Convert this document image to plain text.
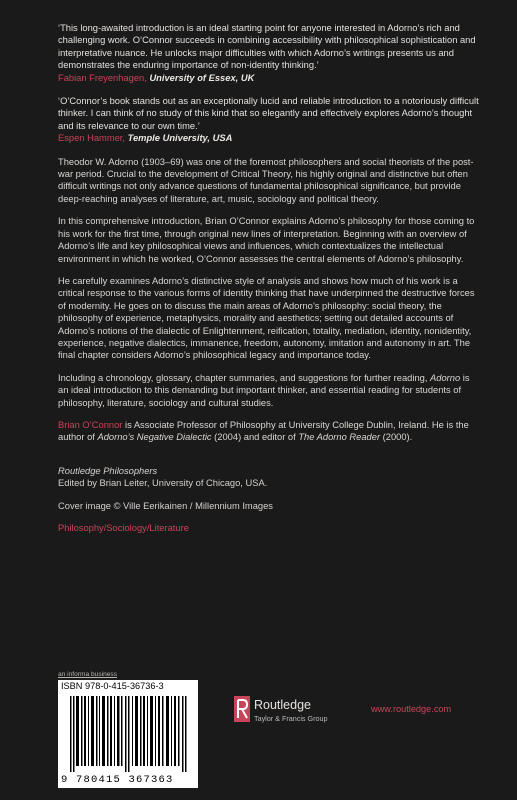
‘This long-awaited introduction is an ideal starting point for anyone interested in Adorno’s rich and challenging work. O’Connor succeeds in combining accessibility with philosophical sophistication and interpretative nuance. He unlocks major difficulties with which Adorno’s writings presents us and demonstrates the enduring importance of non-identity thinking.’

Fabian Freyenhagen, University of Essex, UK

‘O’Connor’s book stands out as an exceptionally lucid and reliable introduction to a notoriously difficult thinker. I can think of no study of this kind that so elegantly and effectively explores Adorno’s thought and its relevance to our own time.’

Espen Hammer, Temple University, USA

Theodor W. Adorno (1903–69) was one of the foremost philosophers and social theorists of the post-war period. Crucial to the development of Critical Theory, his highly original and distinctive but often difficult writings not only advance questions of fundamental philosophical significance, but provide deep-reaching analyses of literature, art, music, sociology and political theory.

In this comprehensive introduction, Brian O’Connor explains Adorno’s philosophy for those coming to his work for the first time, through original new lines of interpretation. Beginning with an overview of Adorno’s life and key philosophical views and influences, which contextualizes the intellectual environment in which he worked, O’Connor assesses the central elements of Adorno’s philosophy.

He carefully examines Adorno’s distinctive style of analysis and shows how much of his work is a critical response to the various forms of identity thinking that have underpinned the destructive forces of modernity. He goes on to discuss the main areas of Adorno’s philosophy: social theory, the philosophy of experience, metaphysics, morality and aesthetics; setting out detailed accounts of Adorno’s notions of the dialectic of Enlightenment, reification, totality, mediation, identity, nonidentity, experience, negative dialectics, immanence, freedom, autonomy, imitation and autonomy in art. The final chapter considers Adorno’s philosophical legacy and importance today.

Including a chronology, glossary, chapter summaries, and suggestions for further reading, Adorno is an ideal introduction to this demanding but important thinker, and essential reading for students of philosophy, literature, sociology and cultural studies.

Brian O’Connor is Associate Professor of Philosophy at University College Dublin, Ireland. He is the author of Adorno’s Negative Dialectic (2004) and editor of The Adorno Reader (2000).

Routledge Philosophers

Edited by Brian Leiter, University of Chicago, USA.

Cover image © Ville Eerikainen / Millennium Images

Philosophy/Sociology/Literature

an informa business
ISBN 978-0-415-36736-3
9 780415 367363
Routledge
Taylor & Francis Group
www.routledge.com
